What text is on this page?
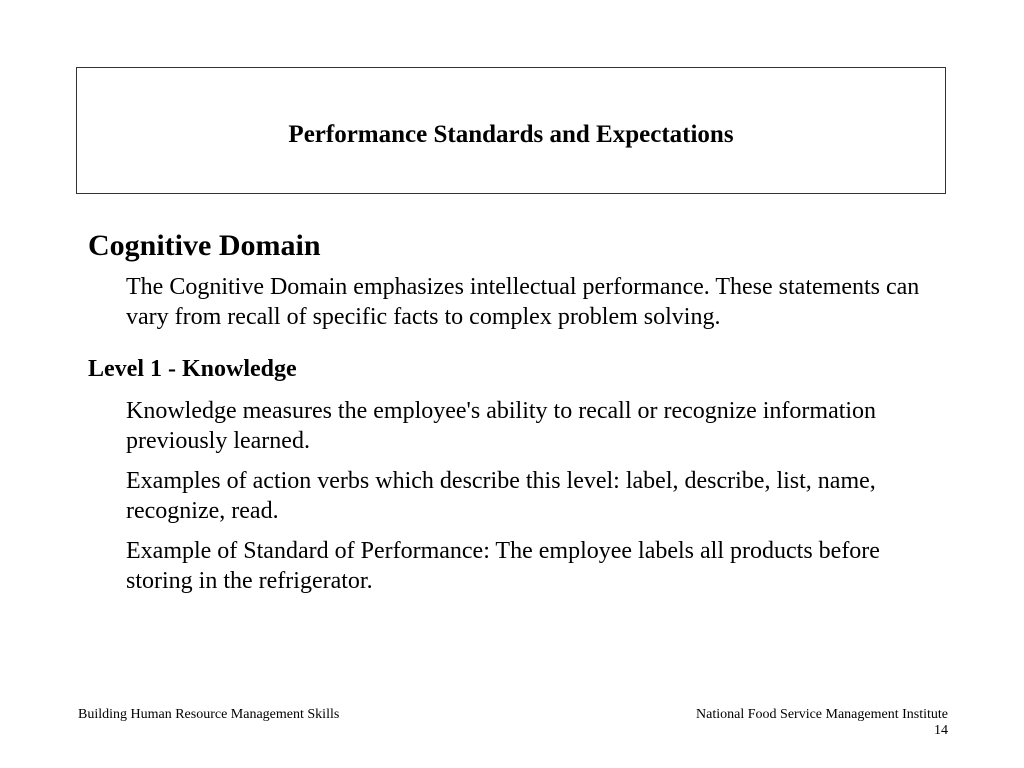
Performance Standards and Expectations
Cognitive Domain
The Cognitive Domain emphasizes intellectual performance. These statements can vary from recall of specific facts to complex problem solving.
Level 1 - Knowledge
Knowledge measures the employee's ability to recall or recognize information previously learned.
Examples of action verbs which describe this level: label, describe, list, name, recognize, read.
Example of Standard of Performance: The employee labels all products before storing in the refrigerator.
Building Human Resource Management Skills	National Food Service Management Institute
14
